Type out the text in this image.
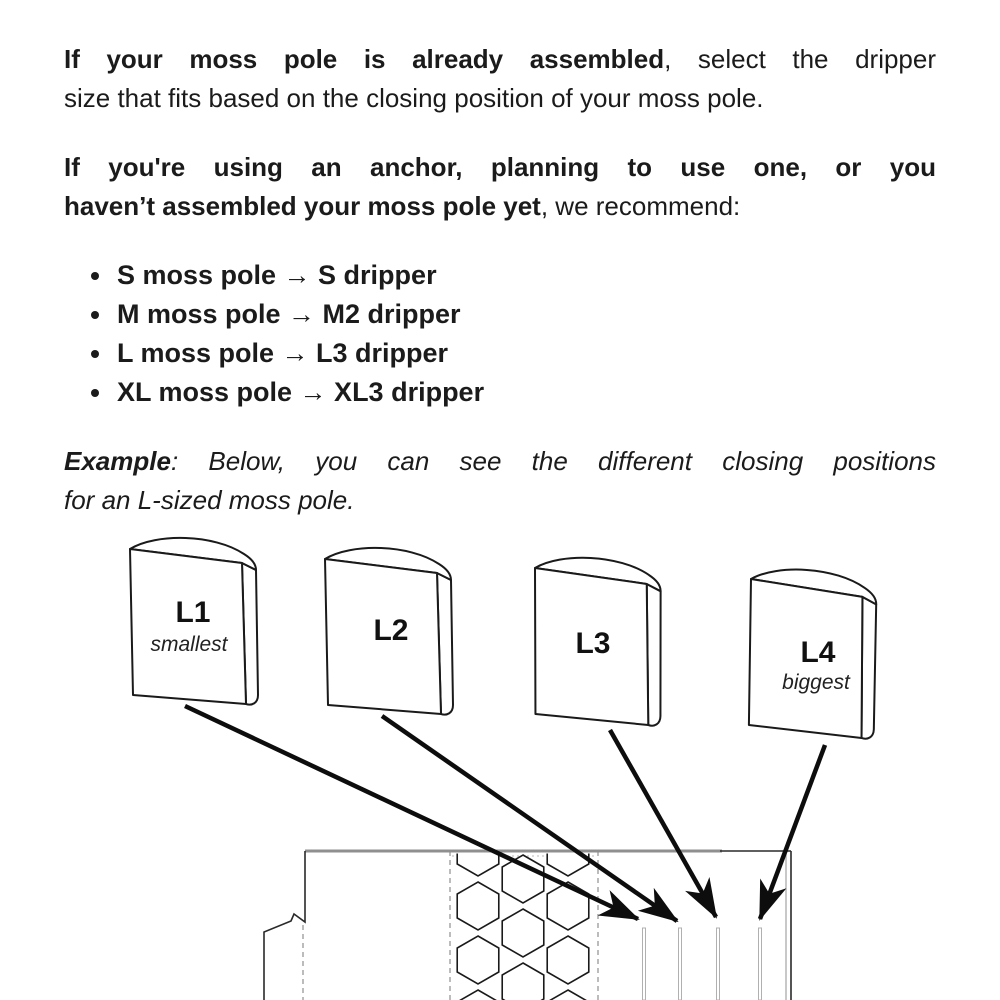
If your moss pole is already assembled, select the dripper
size that fits based on the closing position of your moss pole.

If you're using an anchor, planning to use one, or you
haven’t assembled your moss pole yet, we recommend:

• S moss pole → S dripper
• M moss pole → M2 dripper
• L moss pole → L3 dripper
• XL moss pole → XL3 dripper

Example: Below, you can see the different closing positions
for an L-sized moss pole.

L1
smallest	L2	L3	L4
biggest
